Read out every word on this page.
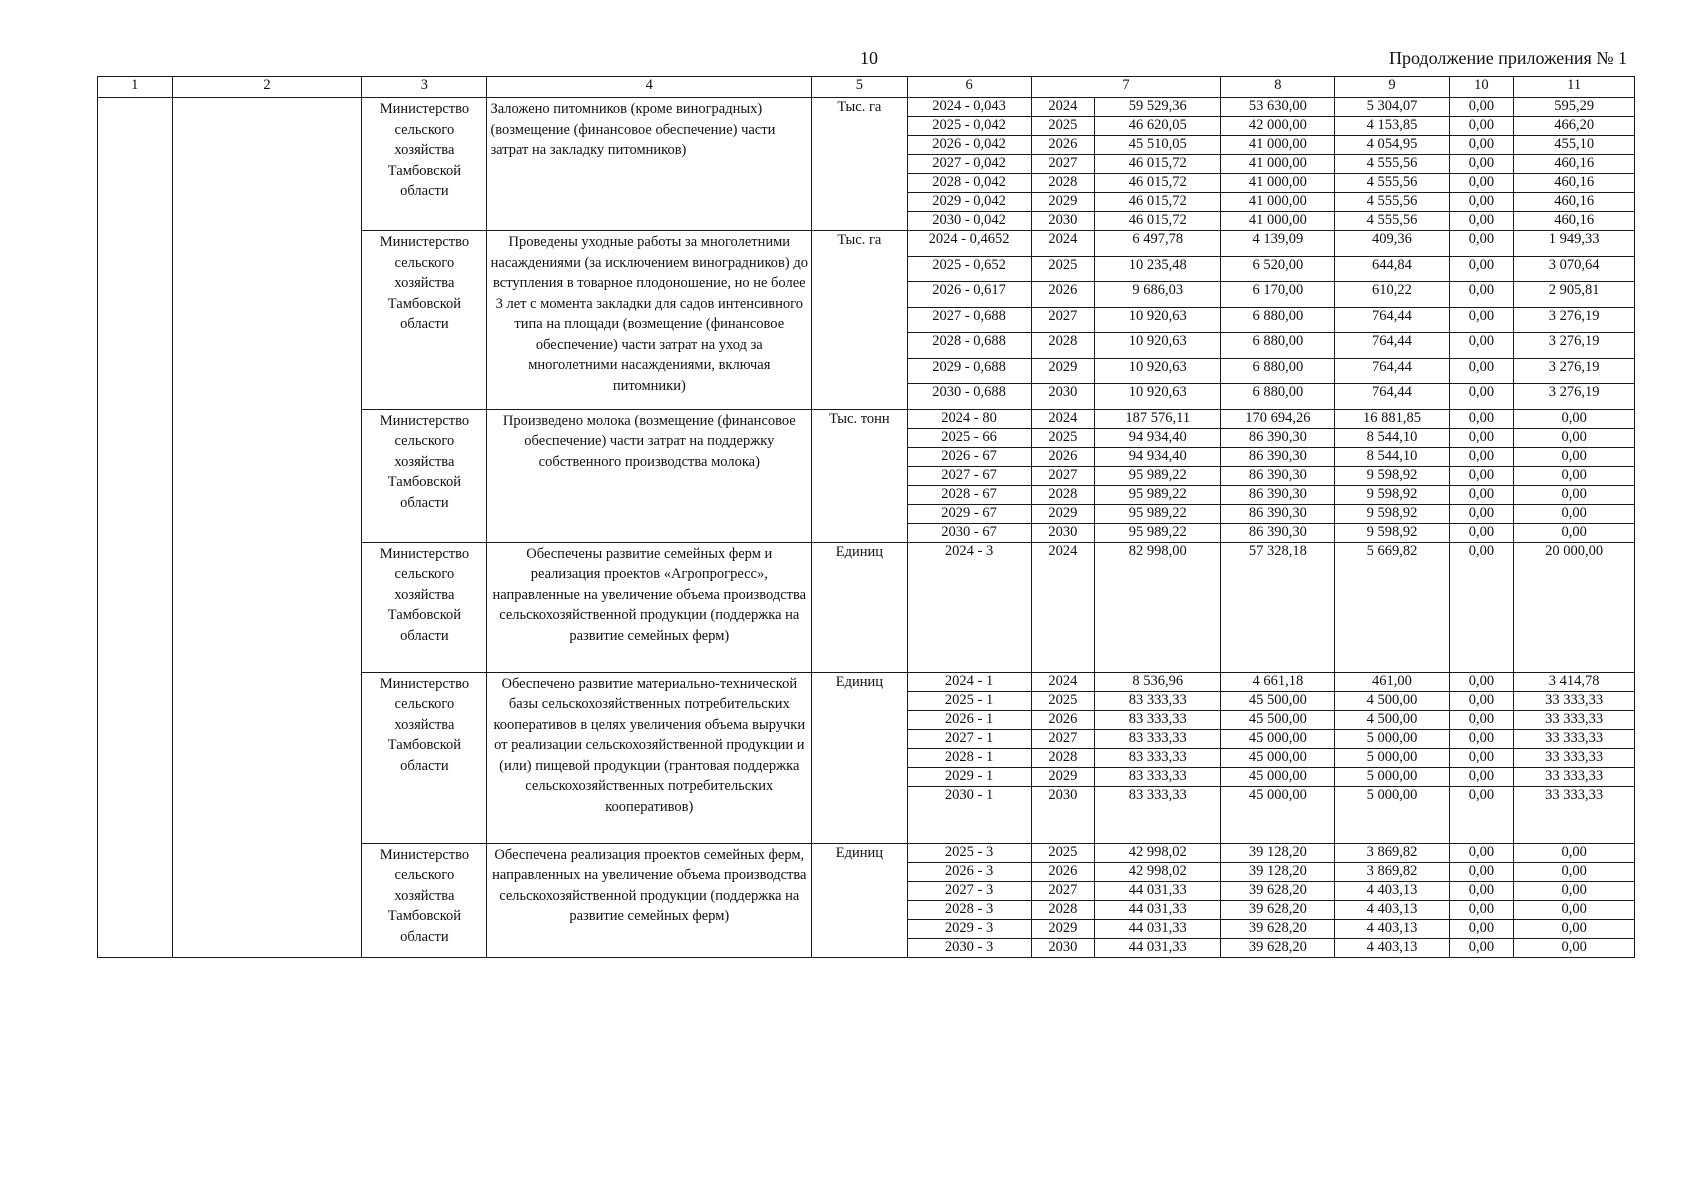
10	Продолжение приложения № 1
1	2	3	4	5	6	7		8	9	10	11
		Министерство сельского хозяйства Тамбовской области	Заложено питомников (кроме виноградных) (возмещение (финансовое обеспечение) части затрат на закладку питомников)	Тыс. га	2024 - 0,043	2024	59 529,36	53 630,00	5 304,07	0,00	595,29
					2025 - 0,042	2025	46 620,05	42 000,00	4 153,85	0,00	466,20
					2026 - 0,042	2026	45 510,05	41 000,00	4 054,95	0,00	455,10
					2027 - 0,042	2027	46 015,72	41 000,00	4 555,56	0,00	460,16
					2028 - 0,042	2028	46 015,72	41 000,00	4 555,56	0,00	460,16
					2029 - 0,042	2029	46 015,72	41 000,00	4 555,56	0,00	460,16
					2030 - 0,042	2030	46 015,72	41 000,00	4 555,56	0,00	460,16
		Министерство сельского хозяйства Тамбовской области	Проведены уходные работы за многолетними насаждениями (за исключением виноградников) до вступления в товарное плодоношение, но не более 3 лет с момента закладки для садов интенсивного типа на площади (возмещение (финансовое обеспечение) части затрат на уход за многолетними насаждениями, включая питомники)	Тыс. га	2024 - 0,4652	2024	6 497,78	4 139,09	409,36	0,00	1 949,33
					2025 - 0,652	2025	10 235,48	6 520,00	644,84	0,00	3 070,64
					2026 - 0,617	2026	9 686,03	6 170,00	610,22	0,00	2 905,81
					2027 - 0,688	2027	10 920,63	6 880,00	764,44	0,00	3 276,19
					2028 - 0,688	2028	10 920,63	6 880,00	764,44	0,00	3 276,19
					2029 - 0,688	2029	10 920,63	6 880,00	764,44	0,00	3 276,19
					2030 - 0,688	2030	10 920,63	6 880,00	764,44	0,00	3 276,19
		Министерство сельского хозяйства Тамбовской области	Произведено молока (возмещение (финансовое обеспечение) части затрат на поддержку собственного производства молока)	Тыс. тонн	2024 - 80	2024	187 576,11	170 694,26	16 881,85	0,00	0,00
					2025 - 66	2025	94 934,40	86 390,30	8 544,10	0,00	0,00
					2026 - 67	2026	94 934,40	86 390,30	8 544,10	0,00	0,00
					2027 - 67	2027	95 989,22	86 390,30	9 598,92	0,00	0,00
					2028 - 67	2028	95 989,22	86 390,30	9 598,92	0,00	0,00
					2029 - 67	2029	95 989,22	86 390,30	9 598,92	0,00	0,00
					2030 - 67	2030	95 989,22	86 390,30	9 598,92	0,00	0,00
		Министерство сельского хозяйства Тамбовской области	Обеспечены развитие семейных ферм и реализация проектов «Агропрогресс», направленные на увеличение объема производства сельскохозяйственной продукции (поддержка на развитие семейных ферм)	Единиц	2024 - 3	2024	82 998,00	57 328,18	5 669,82	0,00	20 000,00
		Министерство сельского хозяйства Тамбовской области	Обеспечено развитие материально-технической базы сельскохозяйственных потребительских кооперативов в целях увеличения объема выручки от реализации сельскохозяйственной продукции и (или) пищевой продукции (грантовая поддержка сельскохозяйственных потребительских кооперативов)	Единиц	2024 - 1	2024	8 536,96	4 661,18	461,00	0,00	3 414,78
					2025 - 1	2025	83 333,33	45 500,00	4 500,00	0,00	33 333,33
					2026 - 1	2026	83 333,33	45 500,00	4 500,00	0,00	33 333,33
					2027 - 1	2027	83 333,33	45 000,00	5 000,00	0,00	33 333,33
					2028 - 1	2028	83 333,33	45 000,00	5 000,00	0,00	33 333,33
					2029 - 1	2029	83 333,33	45 000,00	5 000,00	0,00	33 333,33
					2030 - 1	2030	83 333,33	45 000,00	5 000,00	0,00	33 333,33
		Министерство сельского хозяйства Тамбовской области	Обеспечена реализация проектов семейных ферм, направленных на увеличение объема производства сельскохозяйственной продукции (поддержка на развитие семейных ферм)	Единиц	2025 - 3	2025	42 998,02	39 128,20	3 869,82	0,00	0,00
					2026 - 3	2026	42 998,02	39 128,20	3 869,82	0,00	0,00
					2027 - 3	2027	44 031,33	39 628,20	4 403,13	0,00	0,00
					2028 - 3	2028	44 031,33	39 628,20	4 403,13	0,00	0,00
					2029 - 3	2029	44 031,33	39 628,20	4 403,13	0,00	0,00
					2030 - 3	2030	44 031,33	39 628,20	4 403,13	0,00	0,00
